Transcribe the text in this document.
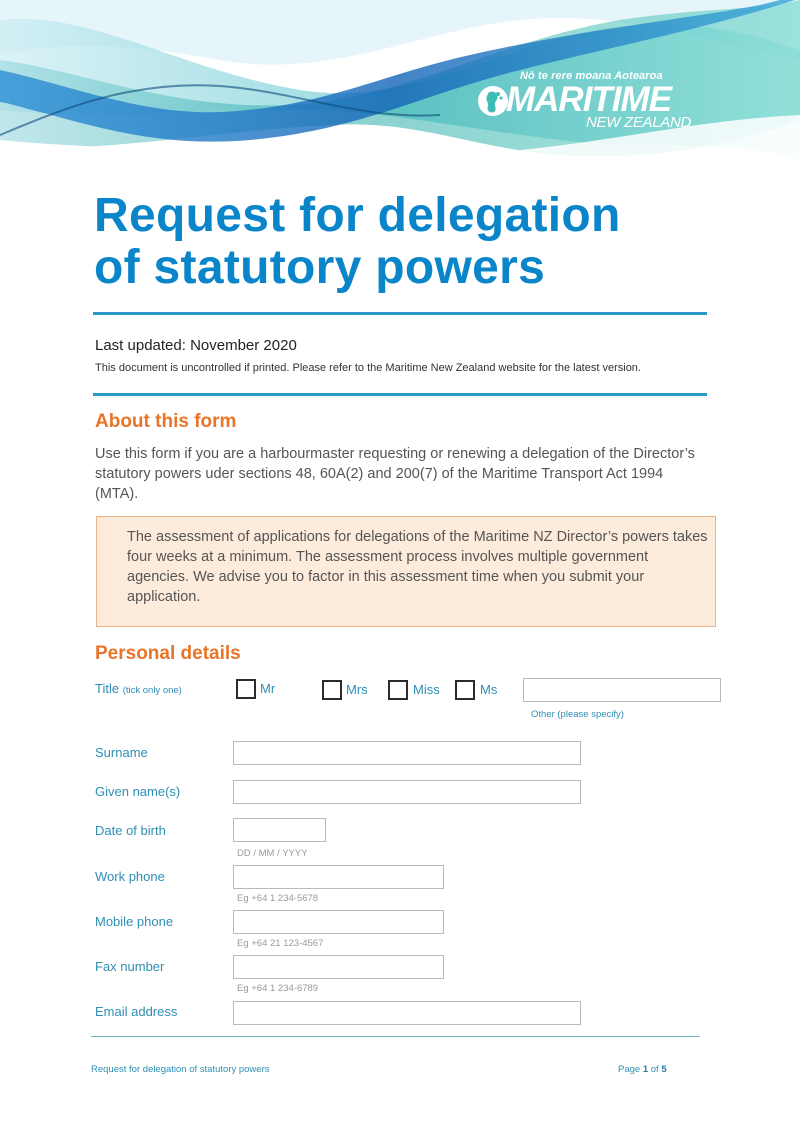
Nō te rere moana Aotearoa
MARITIME
NEW ZEALAND
Request for delegation
of statutory powers
Last updated: November 2020
This document is uncontrolled if printed. Please refer to the Maritime New Zealand website for the latest version.
About this form

Use this form if you are a harbourmaster requesting or renewing a delegation of the Director’s statutory powers uder sections 48, 60A(2) and 200(7) of the Maritime Transport Act 1994 (MTA).

The assessment of applications for delegations of the Maritime NZ Director’s powers takes four weeks at a minimum. The assessment process involves multiple government agencies. We advise you to factor in this assessment time when you submit your application.

Personal details
Title (tick only one)	Mr	Mrs	Miss	Ms
Other (please specify)
Surname
Given name(s)
Date of birth
DD / MM / YYYY
Work phone
Eg +64 1 234-5678
Mobile phone
Eg +64 21 123-4567
Fax number
Eg +64 1 234-6789
Email address
Request for delegation of statutory powers	Page 1 of 5
